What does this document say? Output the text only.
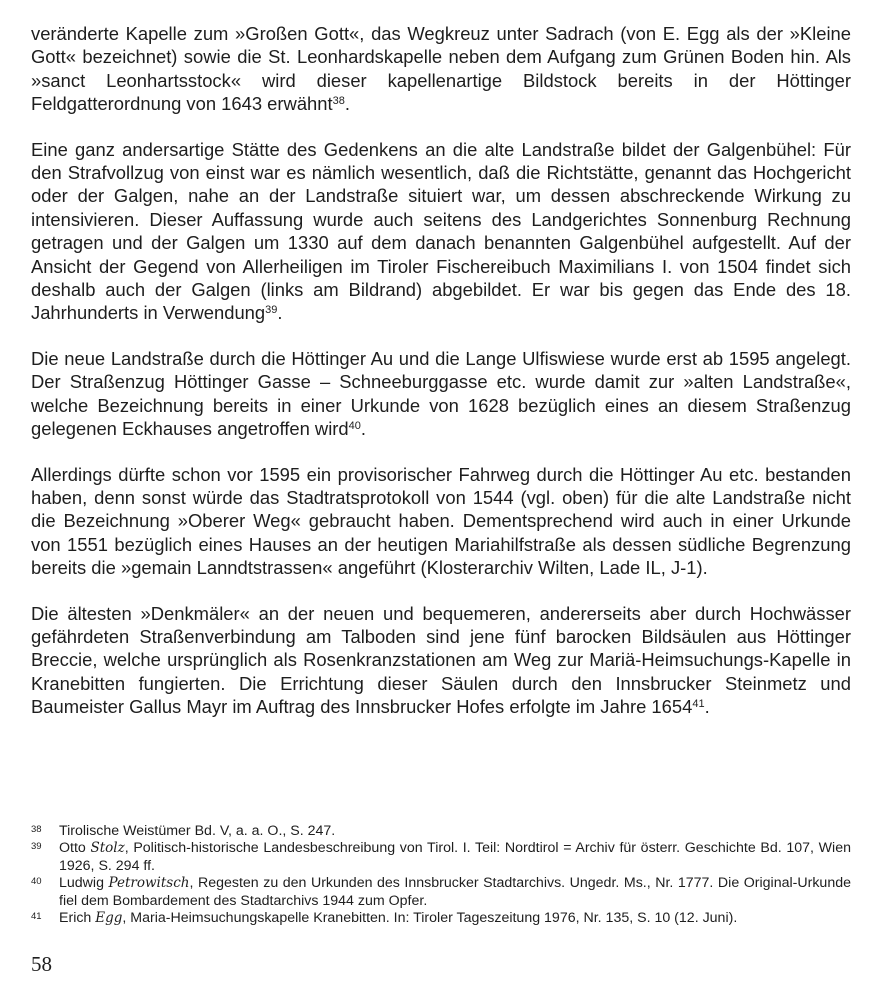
veränderte Kapelle zum »Großen Gott«, das Wegkreuz unter Sadrach (von E. Egg als der »Kleine Gott« bezeichnet) sowie die St. Leonhardskapelle neben dem Aufgang zum Grünen Boden hin. Als »sanct Leonhartsstock« wird dieser kapellenartige Bildstock bereits in der Höttinger Feldgatterordnung von 1643 erwähnt$^{38}$.

Eine ganz andersartige Stätte des Gedenkens an die alte Landstraße bildet der Galgenbühel: Für den Strafvollzug von einst war es nämlich wesentlich, daß die Richtstätte, genannt das Hochgericht oder der Galgen, nahe an der Landstraße situiert war, um dessen abschreckende Wirkung zu intensivieren. Dieser Auffassung wurde auch seitens des Landgerichtes Sonnenburg Rechnung getragen und der Galgen um 1330 auf dem danach benannten Galgenbühel aufgestellt. Auf der Ansicht der Gegend von Allerheiligen im Tiroler Fischereibuch Maximilians I. von 1504 findet sich deshalb auch der Galgen (links am Bildrand) abgebildet. Er war bis gegen das Ende des 18. Jahrhunderts in Verwendung$^{39}$.

Die neue Landstraße durch die Höttinger Au und die Lange Ulfiswiese wurde erst ab 1595 angelegt. Der Straßenzug Höttinger Gasse – Schneeburggasse etc. wurde damit zur »alten Landstraße«, welche Bezeichnung bereits in einer Urkunde von 1628 bezüglich eines an diesem Straßenzug gelegenen Eckhauses angetroffen wird$^{40}$.

Allerdings dürfte schon vor 1595 ein provisorischer Fahrweg durch die Höttinger Au etc. bestanden haben, denn sonst würde das Stadtratsprotokoll von 1544 (vgl. oben) für die alte Landstraße nicht die Bezeichnung »Oberer Weg« gebraucht haben. Dementsprechend wird auch in einer Urkunde von 1551 bezüglich eines Hauses an der heutigen Mariahilfstraße als dessen südliche Begrenzung bereits die »gemain Lanndtstrassen« angeführt (Klosterarchiv Wilten, Lade IL, J-1).

Die ältesten »Denkmäler« an der neuen und bequemeren, andererseits aber durch Hochwässer gefährdeten Straßenverbindung am Talboden sind jene fünf barocken Bildsäulen aus Höttinger Breccie, welche ursprünglich als Rosenkranzstationen am Weg zur Mariä-Heimsuchungs-Kapelle in Kranebitten fungierten. Die Errichtung dieser Säulen durch den Innsbrucker Steinmetz und Baumeister Gallus Mayr im Auftrag des Innsbrucker Hofes erfolgte im Jahre 1654$^{41}$.

38	Tirolische Weistümer Bd. V, a. a. O., S. 247.
39	Otto Stolz, Politisch-historische Landesbeschreibung von Tirol. I. Teil: Nordtirol = Archiv für österr. Geschichte Bd. 107, Wien 1926, S. 294 ff.
40	Ludwig Petrowitsch, Regesten zu den Urkunden des Innsbrucker Stadtarchivs. Ungedr. Ms., Nr. 1777. Die Original-Urkunde fiel dem Bombardement des Stadtarchivs 1944 zum Opfer.
41	Erich Egg, Maria-Heimsuchungskapelle Kranebitten. In: Tiroler Tageszeitung 1976, Nr. 135, S. 10 (12. Juni).
58
